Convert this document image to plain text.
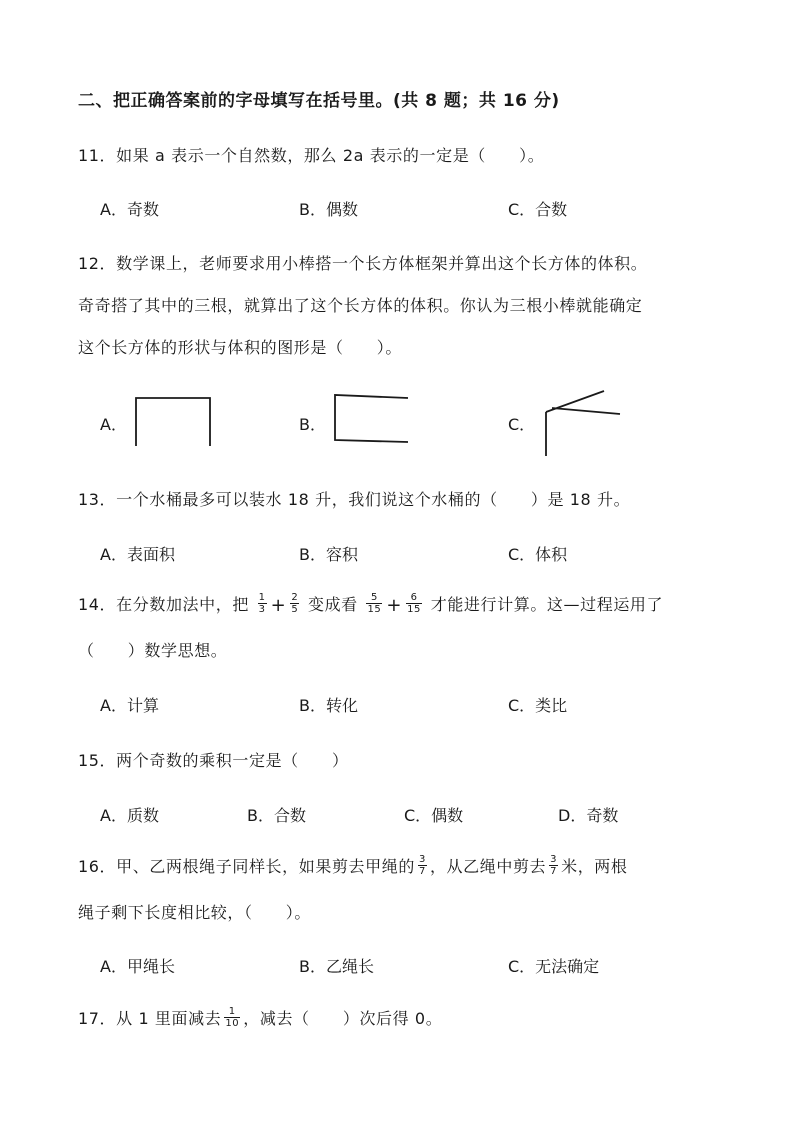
二、把正确答案前的字母填写在括号里。(共 8 题；共 16 分)
11．如果 a 表示一个自然数，那么 2a 表示的一定是（　　）。
A．奇数	B．偶数	C．合数
12．数学课上，老师要求用小棒搭一个长方体框架并算出这个长方体的体积。
奇奇搭了其中的三根，就算出了这个长方体的体积。你认为三根小棒就能确定
这个长方体的形状与体积的图形是（　　）。
A．	B．	C．
13．一个水桶最多可以装水 18 升，我们说这个水桶的（　　）是 18 升。
A．表面积	B．容积	C．体积
14．在分数加法中，把 $\frac{1}{3} + \frac{2}{5}$ 变成看 $\frac{5}{15} + \frac{6}{15}$ 才能进行计算。这—过程运用了
（　　）数学思想。
A．计算	B．转化	C．类比
15．两个奇数的乘积一定是（　　）
A．质数	B．合数	C．偶数	D．奇数
16．甲、乙两根绳子同样长，如果剪去甲绳的 $\frac{3}{7}$ ，从乙绳中剪去 $\frac{3}{7}$ 米，两根
绳子剩下长度相比较，（　　）。
A．甲绳长	B．乙绳长	C．无法确定
17．从 1 里面减去 $\frac{1}{10}$ ，减去（　　）次后得 0。
